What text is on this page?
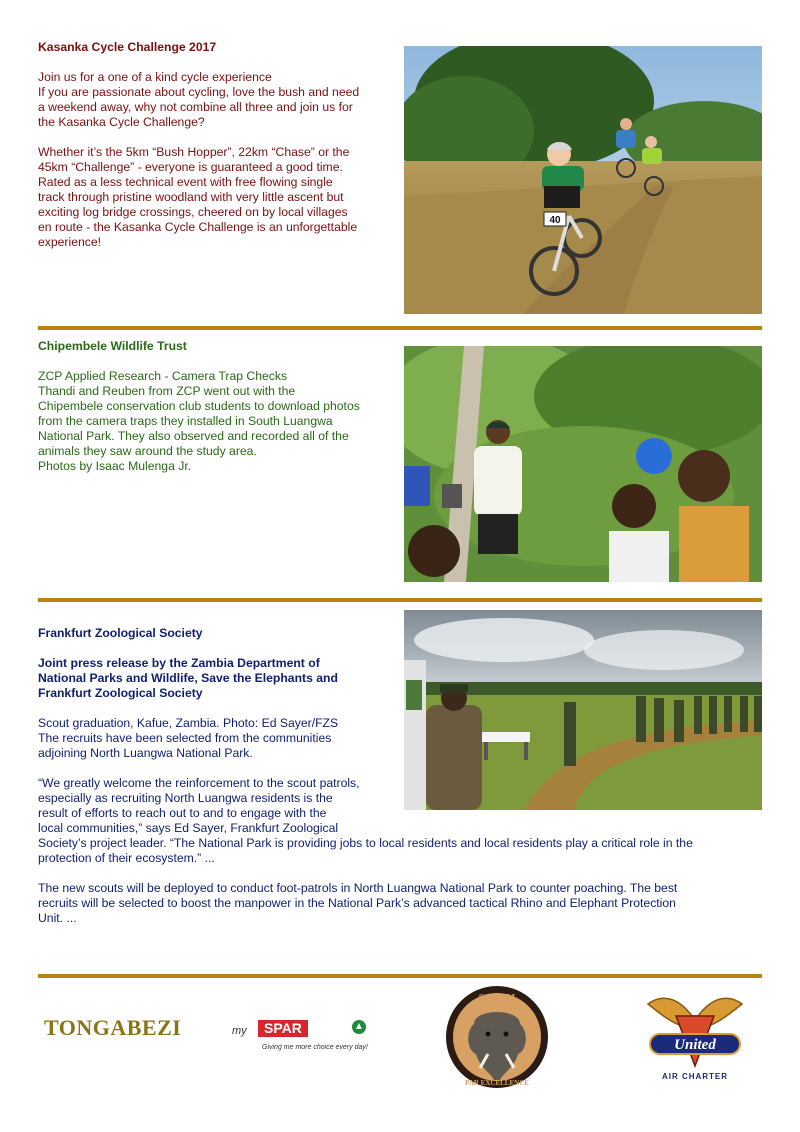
Kasanka Cycle Challenge 2017

Join us for a one of a kind cycle experience

If you are passionate about cycling, love the bush and need

a weekend away, why not combine all three and join us for

the Kasanka Cycle Challenge?

Whether it’s the 5km “Bush Hopper”, 22km “Chase” or the

45km “Challenge” - everyone is guaranteed a good time.

Rated as a less technical event with free flowing single

track through pristine woodland with very little ascent but

exciting log bridge crossings, cheered on by local villages

en route - the Kasanka Cycle Challenge is an unforgettable

experience!

40

Chipembele Wildlife Trust

ZCP Applied Research - Camera Trap Checks

Thandi and Reuben from ZCP went out with the

Chipembele conservation club students to download photos

from the camera traps they installed in South Luangwa

National Park. They also observed and recorded all of the

animals they saw around the study area.

Photos by Isaac Mulenga Jr.

Frankfurt Zoological Society

Joint press release by the Zambia Department of

National Parks and Wildlife, Save the Elephants and

Frankfurt Zoological Society

Scout graduation, Kafue, Zambia. Photo: Ed Sayer/FZS

The recruits have been selected from the communities

adjoining North Luangwa National Park.

“We greatly welcome the reinforcement to the scout patrols,

especially as recruiting North Luangwa residents is the

result of efforts to reach out to and to engage with the

local communities,” says Ed Sayer, Frankfurt Zoological

Society’s project leader. “The National Park is providing jobs to local residents and local residents play a critical role in the

protection of their ecosystem.” ...

The new scouts will be deployed to conduct foot-patrols in North Luangwa National Park to counter poaching. The best

recruits will be selected to boost the manpower in the National Park’s advanced tactical Rhino and Elephant Protection

Unit. ...

TONGABEZI	my	SPAR	▲
Giving me more choice every day!
SAFARI
PAR EXCELLENCE
United
AIR CHARTER
